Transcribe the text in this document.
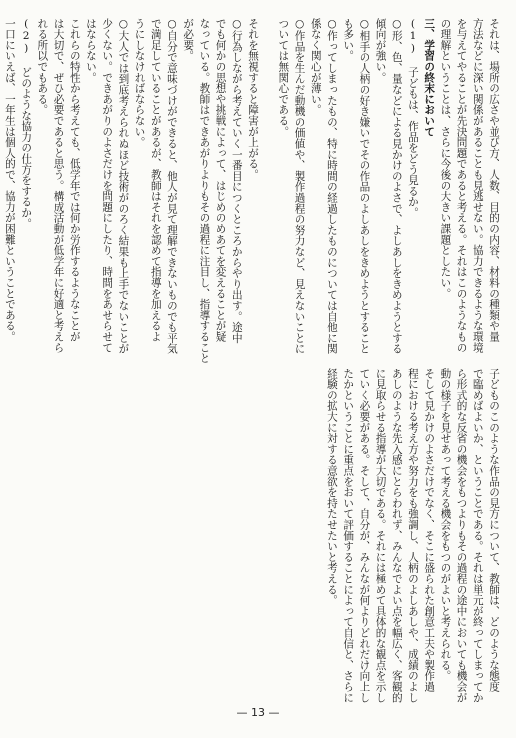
それは、場所の広さや並び方、人数、目的の内容、材料の種類や量

方法などに深い関係があることも見逃せない。協力できるような環境

を与えてやることが先決問題であると考える。それはこのようなもの

の理解ということは、さらに今後の大きい課題としたい。

三、学習の終末において

(1) 子どもは、作品をどう見るか。

○形、色、量などによる見かけのよさで、よしあしをきめようとする

傾向が強い。

○相手の人柄の好き嫌いでその作品のよしあしをきめようとすること

も多い。

○作ってしまったもの、特に時間の経過したものについては自他に関

係なく関心が薄い。

○作品を生んだ動機の価値や、製作過程の努力など、見えないことに

ついては無関心である。

子どものこのような作品の見方について、教師は、どのような態度

で臨めばよいか、ということである。それは単元が終ってしまってか

ら形式的な反省の機会をもつよりもその過程の途中においても機会が

動の様子を見せあって考える機会をもつのがよいと考えられる。

そして見かけのよさだけでなく、そこに盛られた創意工夫や製作過

程における考え方や努力をも強調し、人柄のよしあしや、成績のよし

あしのような先入感にとらわれず、みんなでよい点を幅広く、客観的

に見取らせる指導が大切である。それには極めて具体的な観点を示し

ていく必要がある。そして、自分が、みんなが何よりどれだけ向上し

たかということに重点をおいて評価することによって自信と、さらに

経験の拡大に対する意欲を持たせたいと考える。

それを無視すると障害が上がる。

○行為しながら考えていく一番目につくところからやり出す。途中

でも何かの思想や挑戦によって、はじめのめあてを変えることが疑

なっている。教師はできあがりよりもその過程に注目し、指導すること

が必要。

○自分で意味づけができると、他人が見て理解できないものでも平気

で満足していることがあるが、教師はそれを認めて指導を加えるよ

うにしなければならない。

○大人では到底考えられぬほど技術がのろく結果も上手でないことが

少くない。できあがりのよさだけを問題にしたり、時間をあせらせて

はならない。

これらの特性から考えても、低学年では何か労作するようなことが

は大切で、ぜひ必要であると思う。構成活動が低学年に好適と考えら

れる所以でもある。

(2) どのような協力の仕方をするか。

一口にいえば、一年生は個人的で、協力が困難ということである。

— 13 —
